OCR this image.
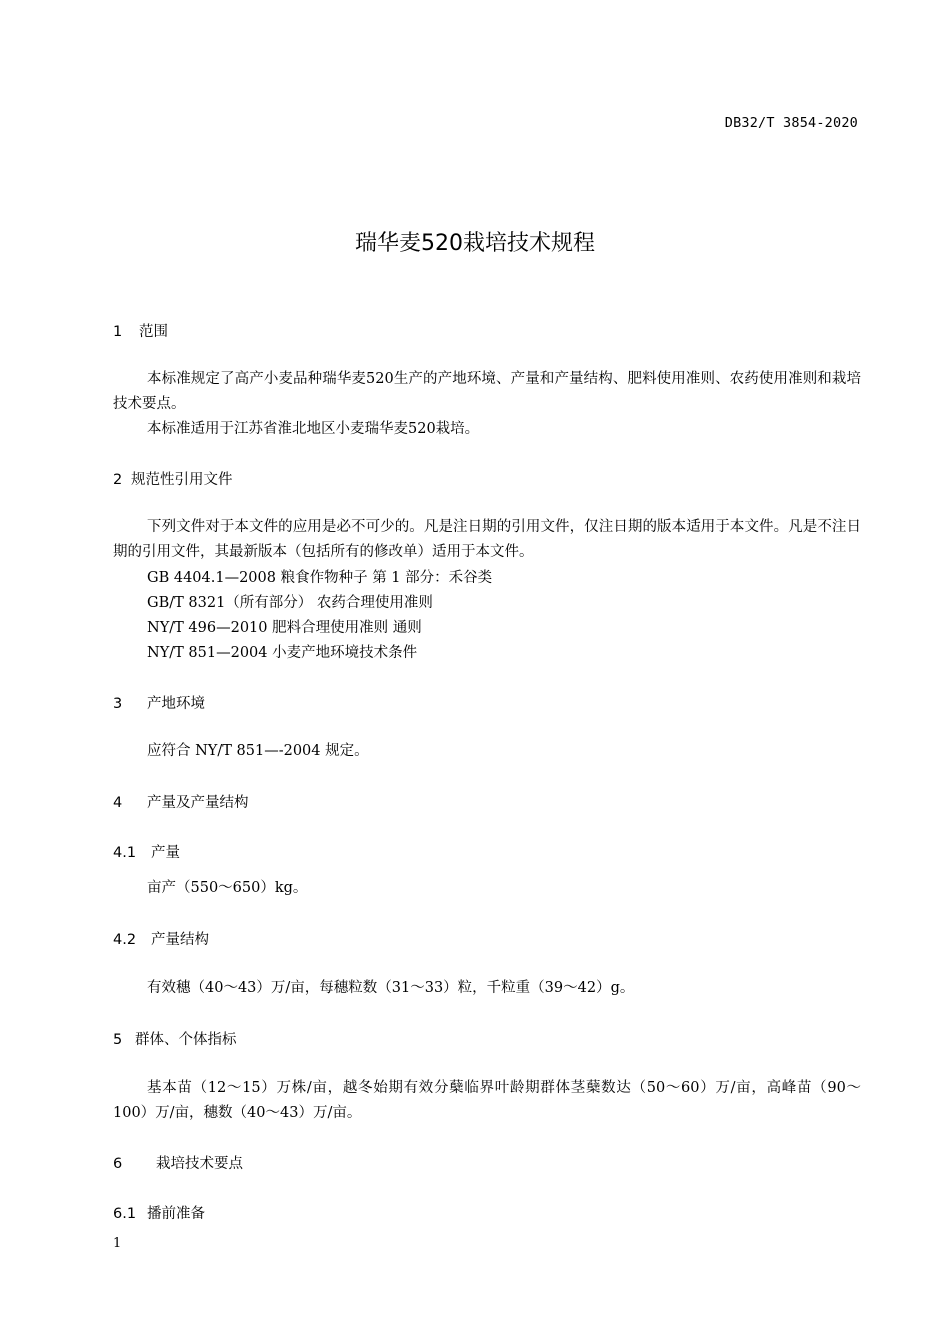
DB32/T 3854-2020
瑞华麦520栽培技术规程
1 范围
本标准规定了高产小麦品种瑞华麦520生产的产地环境、产量和产量结构、肥料使用准则、农药使用准则和栽培技术要点。
本标准适用于江苏省淮北地区小麦瑞华麦520栽培。
2 规范性引用文件
下列文件对于本文件的应用是必不可少的。凡是注日期的引用文件，仅注日期的版本适用于本文件。凡是不注日期的引用文件，其最新版本（包括所有的修改单）适用于本文件。
GB 4404.1—2008 粮食作物种子 第 1 部分：禾谷类
GB/T 8321（所有部分） 农药合理使用准则
NY/T 496—2010 肥料合理使用准则 通则
NY/T 851—2004 小麦产地环境技术条件
3 产地环境
应符合 NY/T 851—-2004 规定。
4 产量及产量结构
4.1 产量
亩产（550～650）kg。
4.2 产量结构
有效穗（40～43）万/亩，每穗粒数（31～33）粒，千粒重（39～42）g。
5 群体、个体指标
基本苗（12～15）万株/亩，越冬始期有效分蘖临界叶龄期群体茎蘖数达（50～60）万/亩，高峰苗（90～100）万/亩，穗数（40～43）万/亩。
6 栽培技术要点
6.1 播前准备
1
